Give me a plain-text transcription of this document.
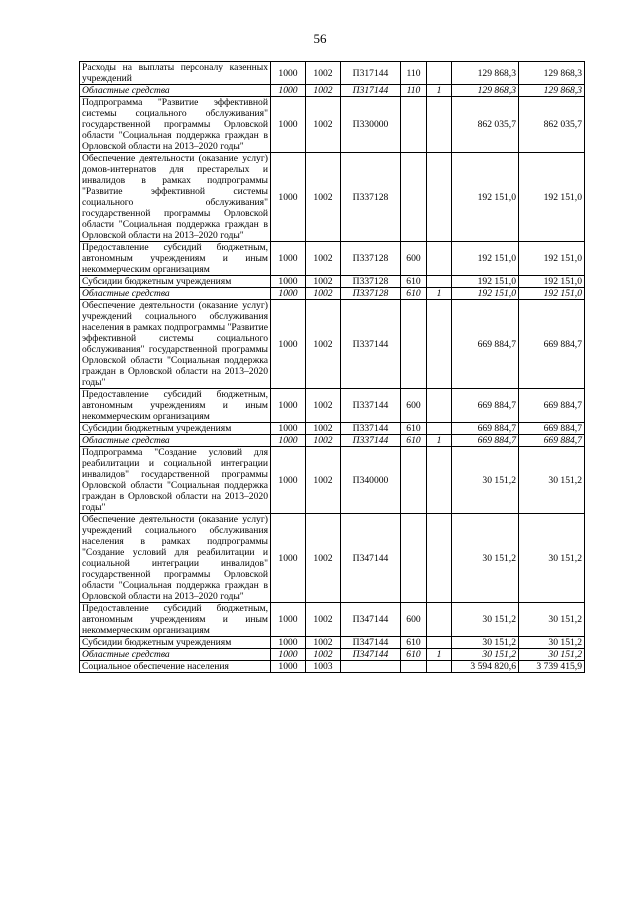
56
Расходы на выплаты персоналу казенных учреждений	1000	1002	П317144	110		129 868,3	129 868,3
Областные средства	1000	1002	П317144	110	1	129 868,3	129 868,3
Подпрограмма "Развитие эффективной системы социального обслуживания" государственной программы Орловской области "Социальная поддержка граждан в Орловской области на 2013–2020 годы"	1000	1002	П330000			862 035,7	862 035,7
Обеспечение деятельности (оказание услуг) домов-интернатов для престарелых и инвалидов в рамках подпрограммы "Развитие эффективной системы социального обслуживания" государственной программы Орловской области "Социальная поддержка граждан в Орловской области на 2013–2020 годы"	1000	1002	П337128			192 151,0	192 151,0
Предоставление субсидий бюджетным, автономным учреждениям и иным некоммерческим организациям	1000	1002	П337128	600		192 151,0	192 151,0
Субсидии бюджетным учреждениям	1000	1002	П337128	610		192 151,0	192 151,0
Областные средства	1000	1002	П337128	610	1	192 151,0	192 151,0
Обеспечение деятельности (оказание услуг) учреждений социального обслуживания населения в рамках подпрограммы "Развитие эффективной системы социального обслуживания" государственной программы Орловской области "Социальная поддержка граждан в Орловской области на 2013–2020 годы"	1000	1002	П337144			669 884,7	669 884,7
Предоставление субсидий бюджетным, автономным учреждениям и иным некоммерческим организациям	1000	1002	П337144	600		669 884,7	669 884,7
Субсидии бюджетным учреждениям	1000	1002	П337144	610		669 884,7	669 884,7
Областные средства	1000	1002	П337144	610	1	669 884,7	669 884,7
Подпрограмма "Создание условий для реабилитации и социальной интеграции инвалидов" государственной программы Орловской области "Социальная поддержка граждан в Орловской области на 2013–2020 годы"	1000	1002	П340000			30 151,2	30 151,2
Обеспечение деятельности (оказание услуг) учреждений социального обслуживания населения в рамках подпрограммы "Создание условий для реабилитации и социальной интеграции инвалидов" государственной программы Орловской области "Социальная поддержка граждан в Орловской области на 2013–2020 годы"	1000	1002	П347144			30 151,2	30 151,2
Предоставление субсидий бюджетным, автономным учреждениям и иным некоммерческим организациям	1000	1002	П347144	600		30 151,2	30 151,2
Субсидии бюджетным учреждениям	1000	1002	П347144	610		30 151,2	30 151,2
Областные средства	1000	1002	П347144	610	1	30 151,2	30 151,2
Социальное обеспечение населения	1000	1003				3 594 820,6	3 739 415,9
